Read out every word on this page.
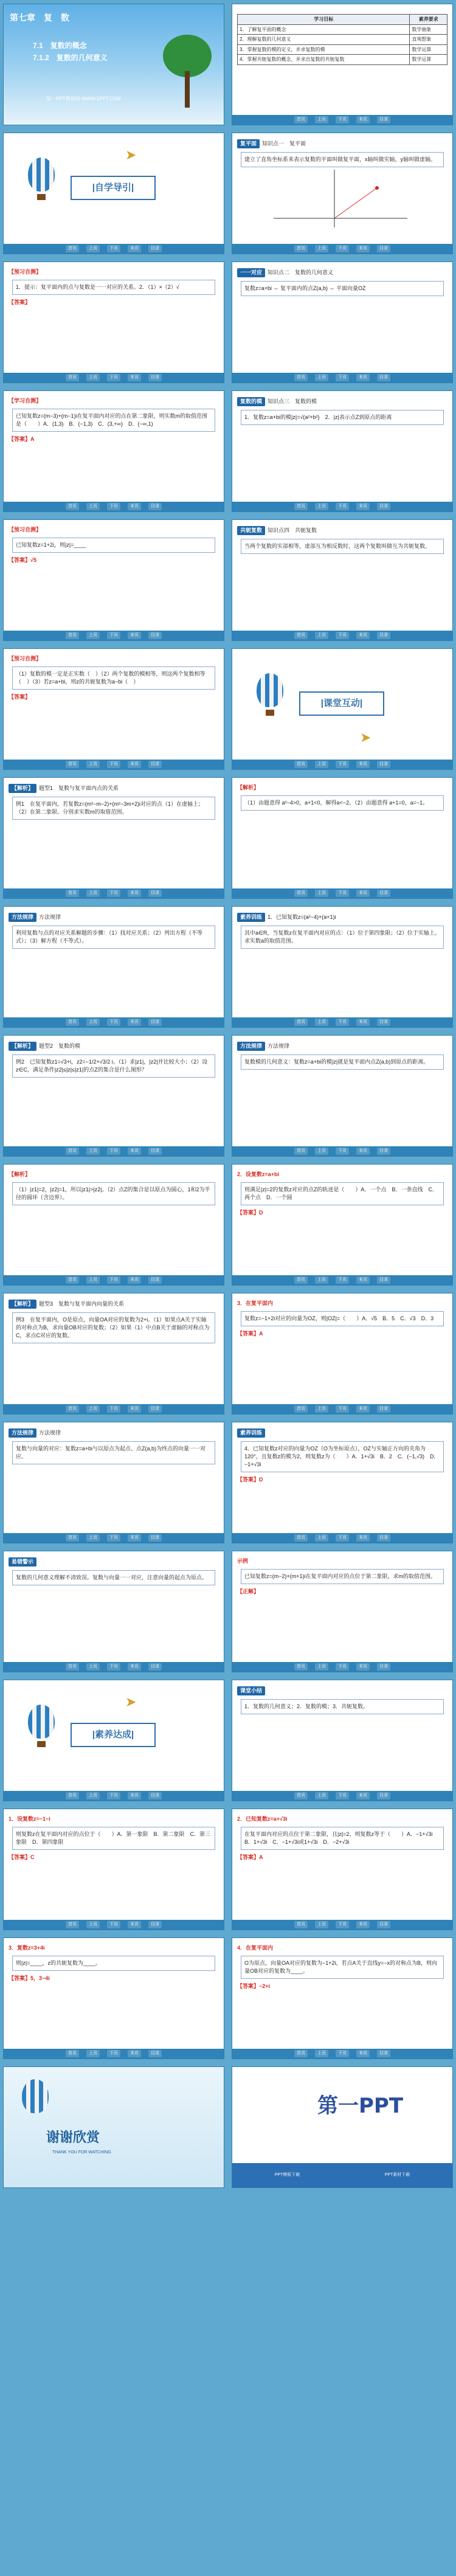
第七章　复　数
7.1　复数的概念
7.1.2　复数的几何意义
第一PPT模板网-WWW.1PPT.COM
学习目标	素养要求
1．了解复平面的概念	数学抽象
2．理解复数的几何意义	直观想象
3．掌握复数的模的定义，并求复数的模	数学运算
4．掌握共轭复数的概念，并求出复数的共轭复数	数学运算
首页	上页	下页	末页	目录
|自学导引|
➤
首页	上页	下页	末页	目录
复平面 知识点一　复平面
建立了直角坐标系来表示复数的平面叫做复平面，x轴叫做实轴，y轴叫做虚轴。
首页	上页	下页	末页	目录
【预习自测】
1．提示：复平面内的点与复数是一一对应的关系。2．（1）×（2）√
【答案】
首页	上页	下页	末页	目录
一一对应 知识点二　复数的几何意义
复数z=a+bi ⇔ 复平面内的点Z(a,b) ⇔ 平面向量OZ
首页	上页	下页	末页	目录
【学习自测】
已知复数z=(m−3)+(m−1)i在复平面内对应的点在第二象限，则实数m的取值范围是（　　）A．(1,3)　B．(−1,3)　C．(3,+∞)　D．(−∞,1)
【答案】A
首页	上页	下页	末页	目录
复数的模 知识点三　复数的模
1．复数z=a+bi的模|z|=√(a²+b²)　2．|z|表示点Z到原点的距离
首页	上页	下页	末页	目录
【预习自测】
已知复数z=1+2i，则|z|=____
【答案】√5
首页	上页	下页	末页	目录
共轭复数 知识点四　共轭复数
当两个复数的实部相等，虚部互为相反数时，这两个复数叫做互为共轭复数。
首页	上页	下页	末页	目录
【预习自测】
（1）复数的模一定是正实数（　）（2）两个复数的模相等，则这两个复数相等（　）（3）若z=a+bi，则z的共轭复数为a−bi（　）
【答案】
首页	上页	下页	末页	目录
|课堂互动|
➤
首页	上页	下页	末页	目录
【解析】 题型1　复数与复平面内点的关系
例1　在复平面内，若复数z=(m²−m−2)+(m²−3m+2)i对应的点（1）在虚轴上；（2）在第二象限。分别求实数m的取值范围。
首页	上页	下页	末页	目录
【解析】
（1）由题意得 a²−4>0，a+1<0，解得a<−2。（2）由题意得 a+1=0，a=−1。
首页	上页	下页	末页	目录
方法规律 方法规律
利用复数与点的对应关系解题的步骤：（1）找对应关系；（2）列出方程（不等式）；（3）解方程（不等式）。
首页	上页	下页	末页	目录
素养训练 1．已知复数z=(a²−4)+(a+1)i
其中a∈R，当复数z在复平面内对应的点：（1）位于第四象限；（2）位于实轴上。求实数a的取值范围。
首页	上页	下页	末页	目录
【解析】 题型2　复数的模
例2　已知复数z1=√3+i，z2=−1/2+√3/2 i。（1）求|z1|，|z2|并比较大小；（2）设z∈C，满足条件|z2|≤|z|≤|z1|的点Z的集合是什么图形？
首页	上页	下页	末页	目录
方法规律 方法规律
复数模的几何意义：复数z=a+bi的模|z|就是复平面内点Z(a,b)到原点的距离。
首页	上页	下页	末页	目录
【解析】
（1）|z1|=2，|z2|=1，所以|z1|>|z2|。（2）点Z的集合是以原点为圆心，1和2为半径的圆环（含边界）。
首页	上页	下页	末页	目录
2．设复数z=a+bi
则满足|z|=2的复数z对应的点Z的轨迹是（　　）A．一个点　B．一条直线　C．两个点　D．一个圆
【答案】D
首页	上页	下页	末页	目录
【解析】 题型3　复数与复平面内向量的关系
例3　在复平面内，O是原点，向量OA对应的复数为2+i。（1）如果点A关于实轴的对称点为B，求向量OB对应的复数；（2）如果（1）中点B关于虚轴的对称点为C，求点C对应的复数。
首页	上页	下页	末页	目录
3．在复平面内
复数z=−1+2i对应的向量为OZ，则|OZ|=（　　）A．√5　B．5　C．√3　D．3
【答案】A
首页	上页	下页	末页	目录
方法规律 方法规律
复数与向量的对应：复数z=a+bi与以原点为起点、点Z(a,b)为终点的向量一一对应。
首页	上页	下页	末页	目录
素养训练
4．已知复数z对应的向量为OZ（O为坐标原点），OZ与实轴正方向的夹角为120°，且复数z的模为2，则复数z为（　　）A．1+√3i　B．2　C．(−1,√3)　D．−1+√3i
【答案】D
首页	上页	下页	末页	目录
易错警示
复数的几何意义理解不清致误。复数与向量一一对应，注意向量的起点为原点。
首页	上页	下页	末页	目录
示例
已知复数z=(m−2)+(m+1)i在复平面内对应的点位于第二象限，求m的取值范围。
【正解】
首页	上页	下页	末页	目录
|素养达成|
➤
首页	上页	下页	末页	目录
课堂小结
1．复数的几何意义；2．复数的模；3．共轭复数。
首页	上页	下页	末页	目录
1．设复数z=−1−i
则复数z在复平面内对应的点位于（　　）A．第一象限　B．第二象限　C．第三象限　D．第四象限
【答案】C
首页	上页	下页	末页	目录
2．已知复数z=a+√3i
在复平面内对应的点位于第二象限，且|z|=2，则复数z等于（　　）A．−1+√3i　B．1+√3i　C．−1+√3i或1+√3i　D．−2+√3i
【答案】A
首页	上页	下页	末页	目录
3．复数z=3+4i
则|z|=____，z的共轭复数为____。
【答案】5，3−4i
首页	上页	下页	末页	目录
4．在复平面内
O为原点，向量OA对应的复数为−1+2i，若点A关于直线y=−x的对称点为B，则向量OB对应的复数为____。
【答案】−2+i
首页	上页	下页	末页	目录
谢谢欣赏
THANK YOU FOR WATCHING
第一PPT
PPT模板下载	PPT素材下载
